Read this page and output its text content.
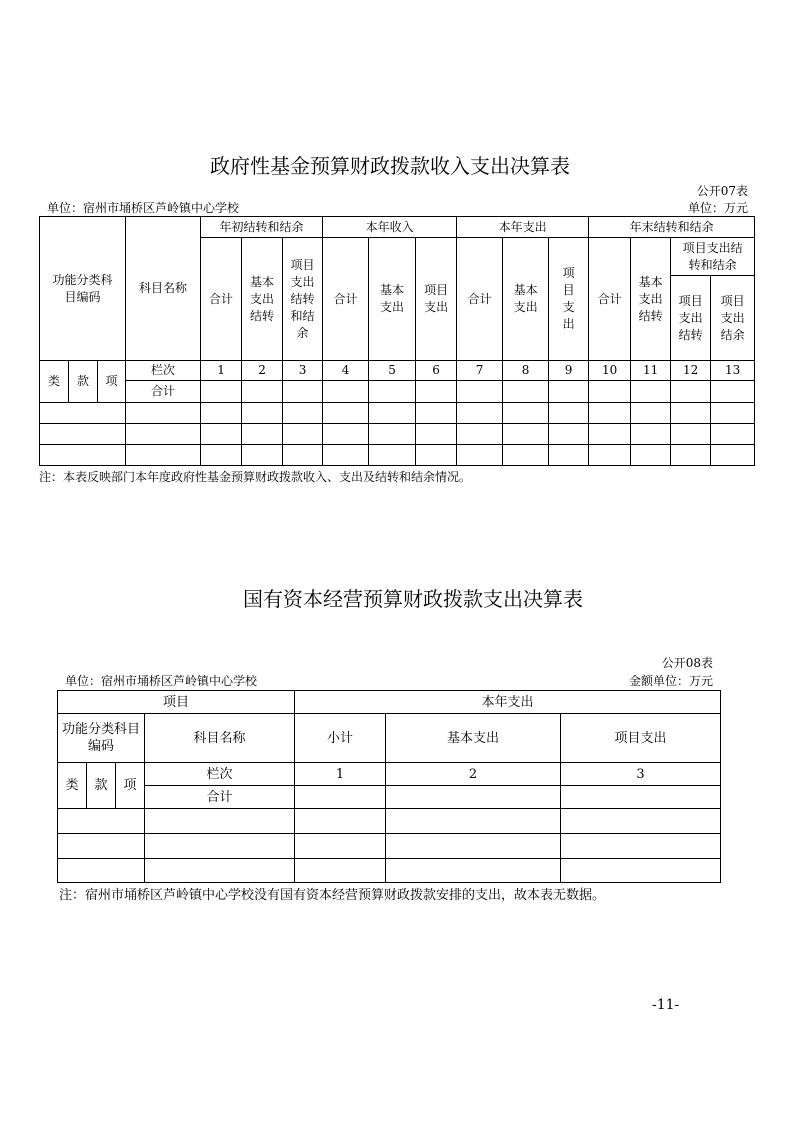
政府性基金预算财政拨款收入支出决算表
公开07表
单位：宿州市埇桥区芦岭镇中心学校	单位：万元
功能分类科目编码			科目名称	年初结转和结余			本年收入			本年支出			年末结转和结余			
				合计	基本支出结转	项目支出结转和结余	合计	基本支出	项目支出	合计	基本支出	项目支出	合计	基本支出结转	项目支出结转和结余	
															项目支出结转	项目支出结余
类	款	项	栏次	1	2	3	4	5	6	7	8	9	10	11	12	13
			合计													

注：本表反映部门本年度政府性基金预算财政拨款收入、支出及结转和结余情况。
国有资本经营预算财政拨款支出决算表
公开08表
单位：宿州市埇桥区芦岭镇中心学校	金额单位：万元
项目				本年支出		
功能分类科目编码			科目名称	小计	基本支出	项目支出
类	款	项	栏次	1	2	3
			合计			

注：宿州市埇桥区芦岭镇中心学校没有国有资本经营预算财政拨款安排的支出，故本表无数据。
-11-
